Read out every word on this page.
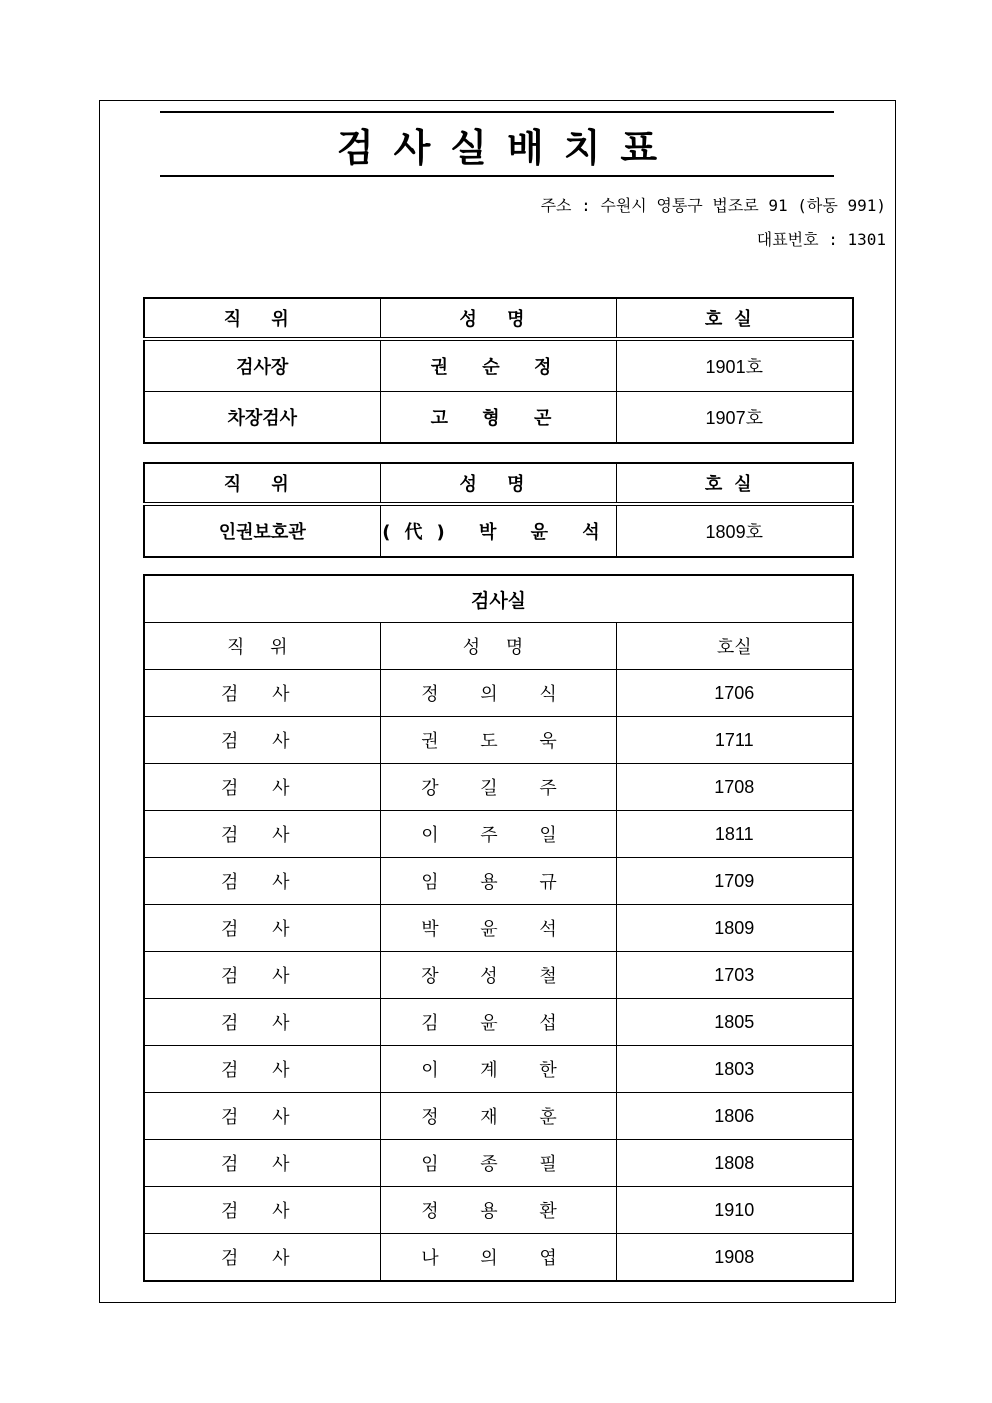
검사실배치표
주소 : 수원시 영통구 법조로 91 (하동 991)
대표번호 : 1301
직 위	성 명	호실
검사장	권 순 정	1901호
차장검사	고 형 곤	1907호
직 위	성 명	호실
인권보호관	(代) 박 윤 석	1809호
검사실		
직 위	성 명	호실
검 사	정 의 식	1706
검 사	권 도 욱	1711
검 사	강 길 주	1708
검 사	이 주 일	1811
검 사	임 용 규	1709
검 사	박 윤 석	1809
검 사	장 성 철	1703
검 사	김 윤 섭	1805
검 사	이 계 한	1803
검 사	정 재 훈	1806
검 사	임 종 필	1808
검 사	정 용 환	1910
검 사	나 의 엽	1908
